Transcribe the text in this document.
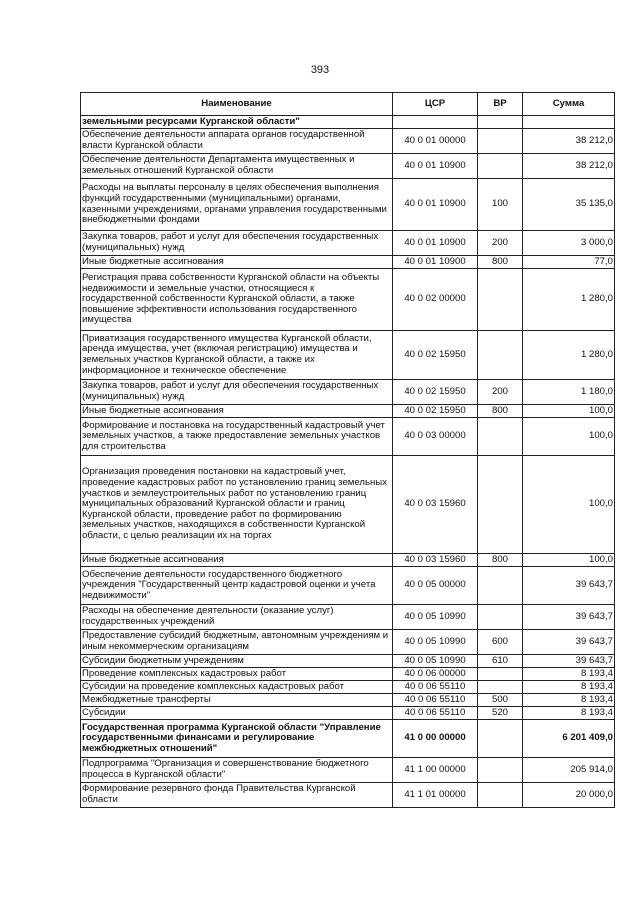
393
Наименование	ЦСР	ВР	Сумма
земельными ресурсами Курганской области"			
Обеспечение деятельности аппарата органов государственной власти Курганской области	40 0 01 00000		38 212,0
Обеспечение деятельности Департамента имущественных и земельных отношений Курганской области	40 0 01 10900		38 212,0
Расходы на выплаты персоналу в целях обеспечения выполнения функций государственными (муниципальными) органами, казенными учреждениями, органами управления государственными внебюджетными фондами	40 0 01 10900	100	35 135,0
Закупка товаров, работ и услуг для обеспечения государственных (муниципальных) нужд	40 0 01 10900	200	3 000,0
Иные бюджетные ассигнования	40 0 01 10900	800	77,0
Регистрация права собственности Курганской области на объекты недвижимости и земельные участки, относящиеся к государственной собственности Курганской области, а также повышение эффективности использования государственного имущества	40 0 02 00000		1 280,0
Приватизация государственного имущества Курганской области, аренда имущества, учет (включая регистрацию) имущества и земельных участков Курганской области, а также их информационное и техническое обеспечение	40 0 02 15950		1 280,0
Закупка товаров, работ и услуг для обеспечения государственных (муниципальных) нужд	40 0 02 15950	200	1 180,0
Иные бюджетные ассигнования	40 0 02 15950	800	100,0
Формирование и постановка на государственный кадастровый учет земельных участков, а также предоставление земельных участков для строительства	40 0 03 00000		100,0
Организация проведения постановки на кадастровый учет, проведение кадастровых работ по установлению границ земельных участков и землеустроительных работ по установлению границ муниципальных образований Курганской области и границ Курганской области, проведение работ по формированию земельных участков, находящихся в собственности Курганской области, с целью реализации их на торгах	40 0 03 15960		100,0
Иные бюджетные ассигнования	40 0 03 15960	800	100,0
Обеспечение деятельности государственного бюджетного учреждения "Государственный центр кадастровой оценки и учета недвижимости"	40 0 05 00000		39 643,7
Расходы на обеспечение деятельности (оказание услуг) государственных учреждений	40 0 05 10990		39 643,7
Предоставление субсидий бюджетным, автономным учреждениям и иным некоммерческим организациям	40 0 05 10990	600	39 643,7
Субсидии бюджетным учреждениям	40 0 05 10990	610	39 643,7
Проведение комплексных кадастровых работ	40 0 06 00000		8 193,4
Субсидии на проведение комплексных кадастровых работ	40 0 06 55110		8 193,4
Межбюджетные трансферты	40 0 06 55110	500	8 193,4
Субсидии	40 0 06 55110	520	8 193,4
Государственная программа Курганской области "Управление государственными финансами и регулирование межбюджетных отношений"	41 0 00 00000		6 201 409,0
Подпрограмма "Организация и совершенствование бюджетного процесса в Курганской области"	41 1 00 00000		205 914,0
Формирование резервного фонда Правительства Курганской области	41 1 01 00000		20 000,0
